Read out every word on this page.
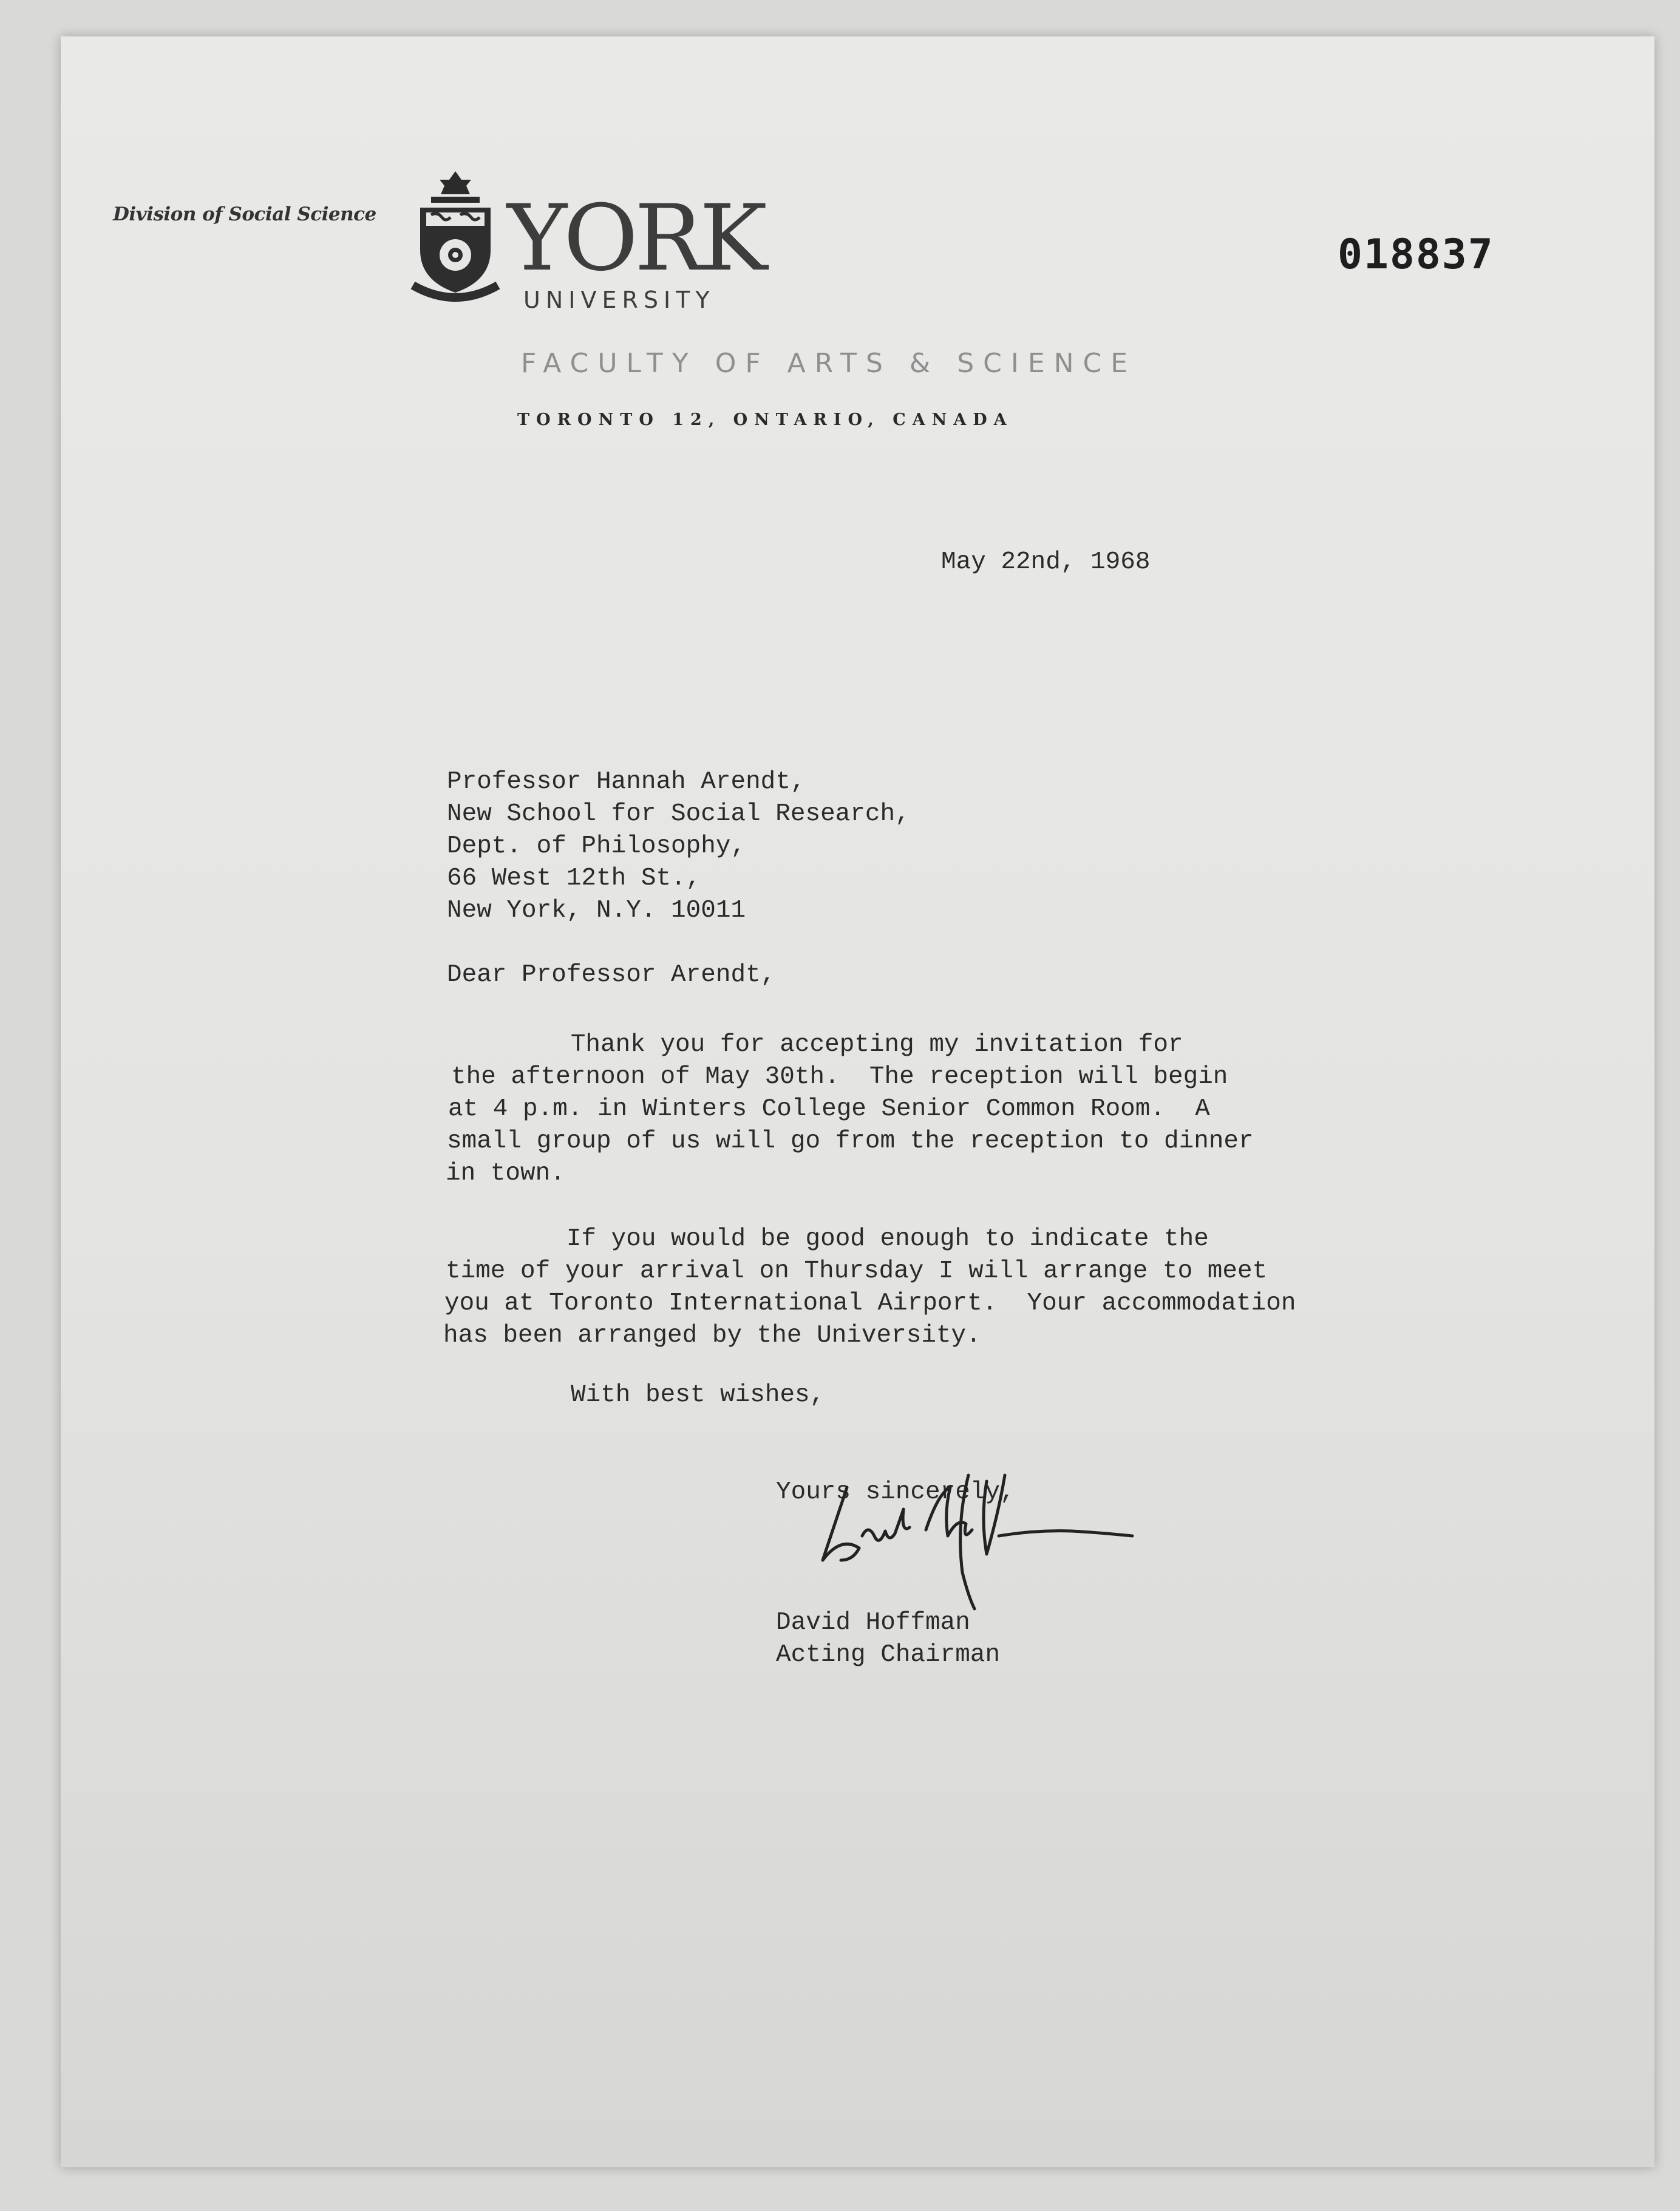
Division of Social Science YORK
UNIVERSITY
FACULTY OF ARTS & SCIENCE
TORONTO 12, ONTARIO, CANADA
018837
May 22nd, 1968
Professor Hannah Arendt,
New School for Social Research,
Dept. of Philosophy,
66 West 12th St.,
New York, N.Y. 10011
Dear Professor Arendt,
Thank you for accepting my invitation for
the afternoon of May 30th.  The reception will begin
at 4 p.m. in Winters College Senior Common Room.  A
small group of us will go from the reception to dinner
in town.
If you would be good enough to indicate the
time of your arrival on Thursday I will arrange to meet
you at Toronto International Airport.  Your accommodation
has been arranged by the University.
With best wishes,
Yours sincerely,
David Hoffman
Acting Chairman
